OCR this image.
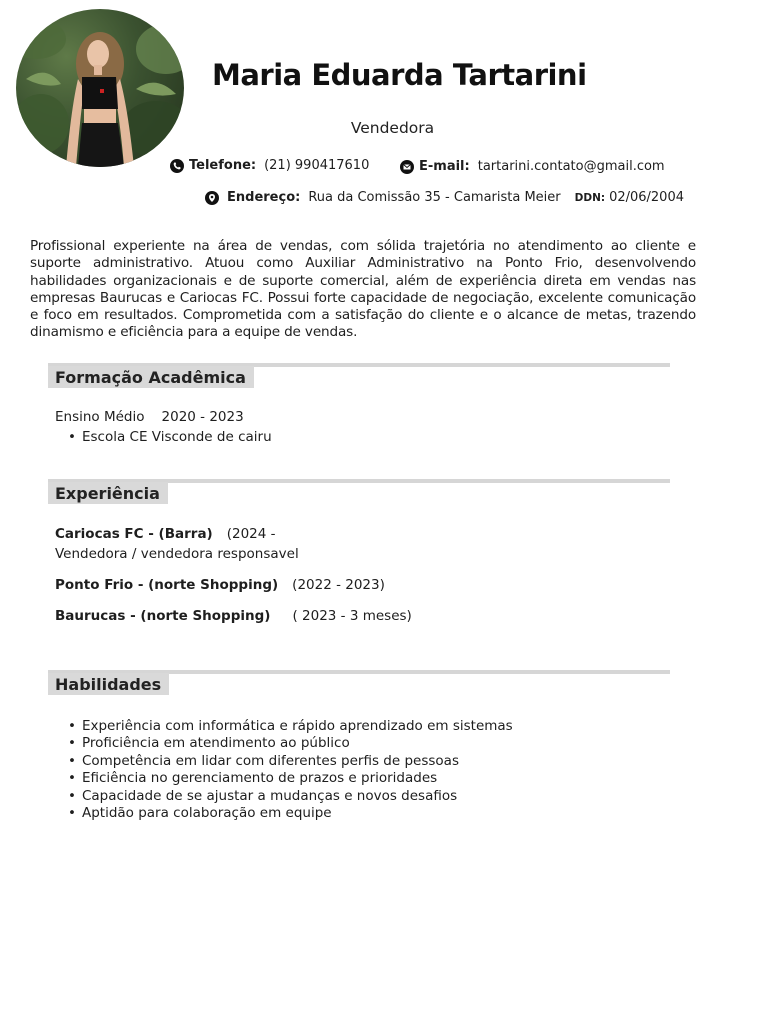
Maria Eduarda Tartarini
Vendedora
Telefone: (21) 990417610	E-mail: tartarini.contato@gmail.com
Endereço: Rua da Comissão 35 - Camarista Meier DDN: 02/06/2004
Profissional experiente na área de vendas, com sólida trajetória no atendimento ao cliente e suporte administrativo. Atuou como Auxiliar Administrativo na Ponto Frio, desenvolvendo habilidades organizacionais e de suporte comercial, além de experiência direta em vendas nas empresas Baurucas e Cariocas FC. Possui forte capacidade de negociação, excelente comunicação e foco em resultados. Comprometida com a satisfação do cliente e o alcance de metas, trazendo dinamismo e eficiência para a equipe de vendas.
Formação Acadêmica
Ensino Médio 2020 - 2023
• Escola CE Visconde de cairu
Experiência
Cariocas FC - (Barra) (2024 -
Vendedora / vendedora responsavel
Ponto Frio - (norte Shopping) (2022 - 2023)
Baurucas - (norte Shopping) ( 2023 - 3 meses)
Habilidades
• Experiência com informática e rápido aprendizado em sistemas
• Proficiência em atendimento ao público
• Competência em lidar com diferentes perfis de pessoas
• Eficiência no gerenciamento de prazos e prioridades
• Capacidade de se ajustar a mudanças e novos desafios
• Aptidão para colaboração em equipe
